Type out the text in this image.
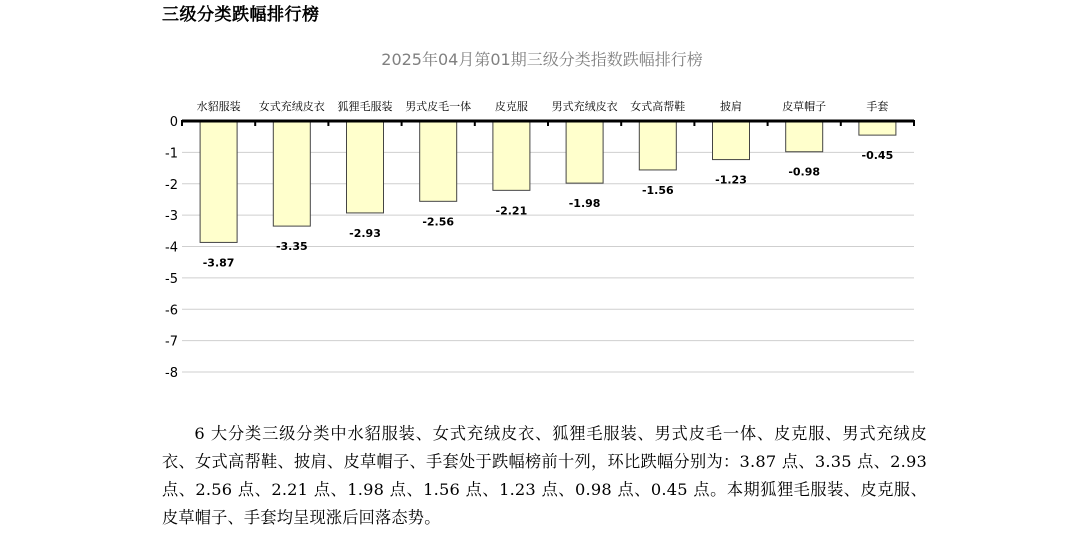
三级分类跌幅排行榜
2025年04月第01期三级分类指数跌幅排行榜
0
-1
-2
-3
-4
-5
-6
-7
-8
水貂服装 女式充绒皮衣 狐狸毛服装 男式皮毛一体 皮克服 男式充绒皮衣 女式高帮鞋	披肩	皮草帽子	手套
-3.87
-3.35
-2.93
-2.56
-2.21
-1.98
-1.56
-1.23
-0.98
-0.45
6 大分类三级分类中水貂服装、女式充绒皮衣、狐狸毛服装、男式皮毛一体、皮克服、男式充绒皮衣、女式高帮鞋、披肩、皮草帽子、手套处于跌幅榜前十列，环比跌幅分别为：3.87 点、3.35 点、2.93 点、2.56 点、2.21 点、1.98 点、1.56 点、1.23 点、0.98 点、0.45 点。本期狐狸毛服装、皮克服、皮草帽子、手套均呈现涨后回落态势。
